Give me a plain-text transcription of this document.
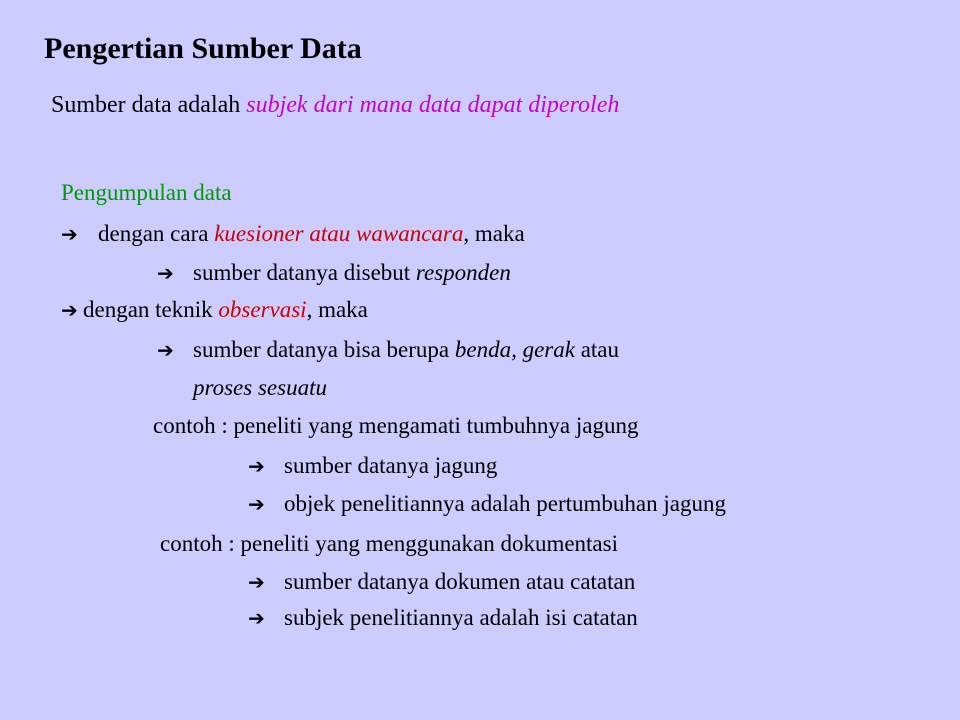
Pengertian Sumber Data
Sumber data adalah subjek dari mana data dapat diperoleh
Pengumpulan data
➔ dengan cara kuesioner atau wawancara, maka
➔ sumber datanya disebut responden
➔ dengan teknik observasi, maka
➔ sumber datanya bisa berupa benda, gerak atau
proses sesuatu
contoh : peneliti yang mengamati tumbuhnya jagung
➔ sumber datanya jagung
➔ objek penelitiannya adalah pertumbuhan jagung
contoh : peneliti yang menggunakan dokumentasi
➔ sumber datanya dokumen atau catatan
➔ subjek penelitiannya adalah isi catatan
